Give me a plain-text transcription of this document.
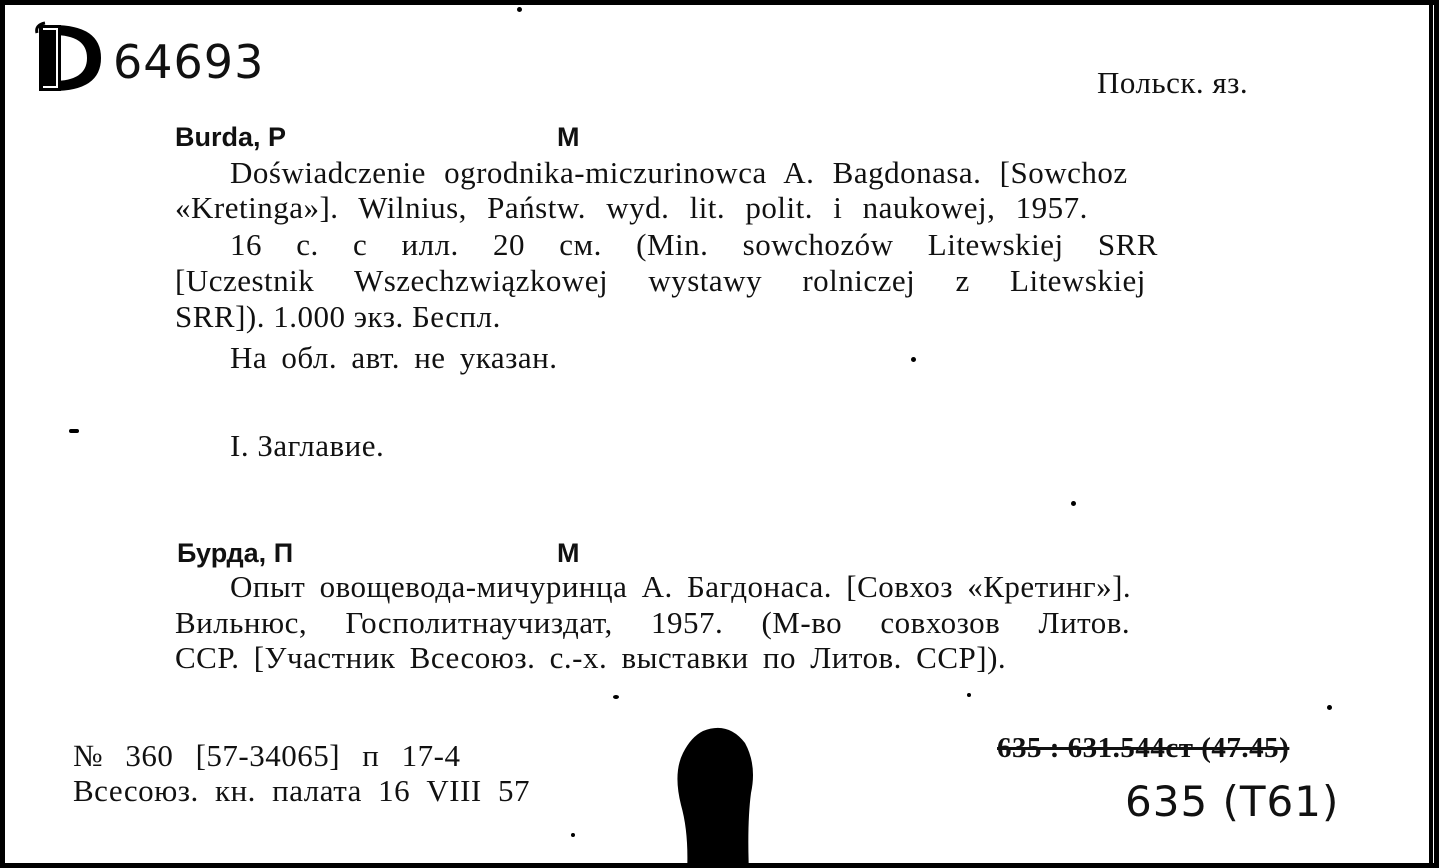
64693	Польск. яз.
Burda, P	M
Doświadczenie ogrodnika-miczurinowca A. Bagdonasa. [Sowchoz
«Kretinga»]. Wilnius, Państw. wyd. lit. polit. i naukowej, 1957.
16 с. с илл. 20 см. (Min. sowchozów Litewskiej SRR
[Uczestnik Wszechzwiązkowej wystawy rolniczej z Litewskiej
SRR]). 1.000 экз. Беспл.
На обл. авт. не указан.
I. Заглавие.
Бурда, П	М
Опыт овощевода-мичуринца А. Багдонаса. [Совхоз «Кретинг»].
Вильнюс, Госполитнаучиздат, 1957. (М-во совхозов Литов.
ССР. [Участник Всесоюз. с.-х. выставки по Литов. ССР]).
№ 360 [57-34065] п 17-4
Всесоюз. кн. палата 16 VIII 57
635 : 631.544ст (47.45)
635 (Т61)
